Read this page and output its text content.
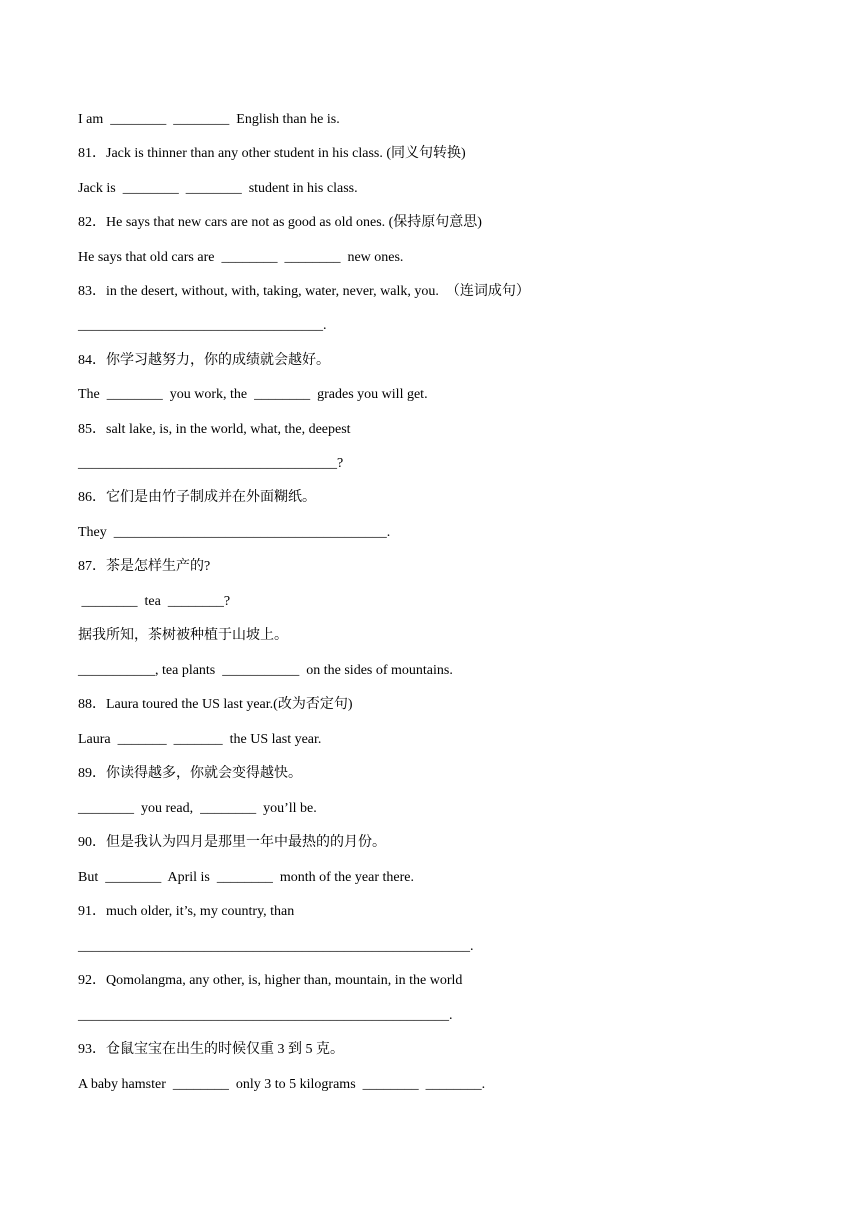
I am  ________  ________  English than he is.
81．Jack is thinner than any other student in his class. (同义句转换)
Jack is  ________  ________  student in his class.
82．He says that new cars are not as good as old ones. (保持原句意思)
He says that old cars are  ________  ________  new ones.
83．in the desert, without, with, taking, water, never, walk, you.  （连词成句）
___________________________________.
84．你学习越努力，你的成绩就会越好。
The  ________  you work, the  ________  grades you will get.
85．salt lake, is, in the world, what, the, deepest
_____________________________________?
86．它们是由竹子制成并在外面糊纸。
They  _______________________________________.
87．茶是怎样生产的?
________  tea  ________?
据我所知，茶树被种植于山坡上。
___________, tea plants  ___________  on the sides of mountains.
88．Laura toured the US last year.(改为否定句)
Laura  _______  _______  the US last year.
89．你读得越多，你就会变得越快。
________  you read,  ________  you’ll be.
90．但是我认为四月是那里一年中最热的的月份。
But  ________  April is  ________  month of the year there.
91．much older, it’s, my country, than
________________________________________________________.
92．Qomolangma, any other, is, higher than, mountain, in the world
_____________________________________________________.
93．仓鼠宝宝在出生的时候仅重 3 到 5 克。
A baby hamster  ________  only 3 to 5 kilograms  ________  ________.
